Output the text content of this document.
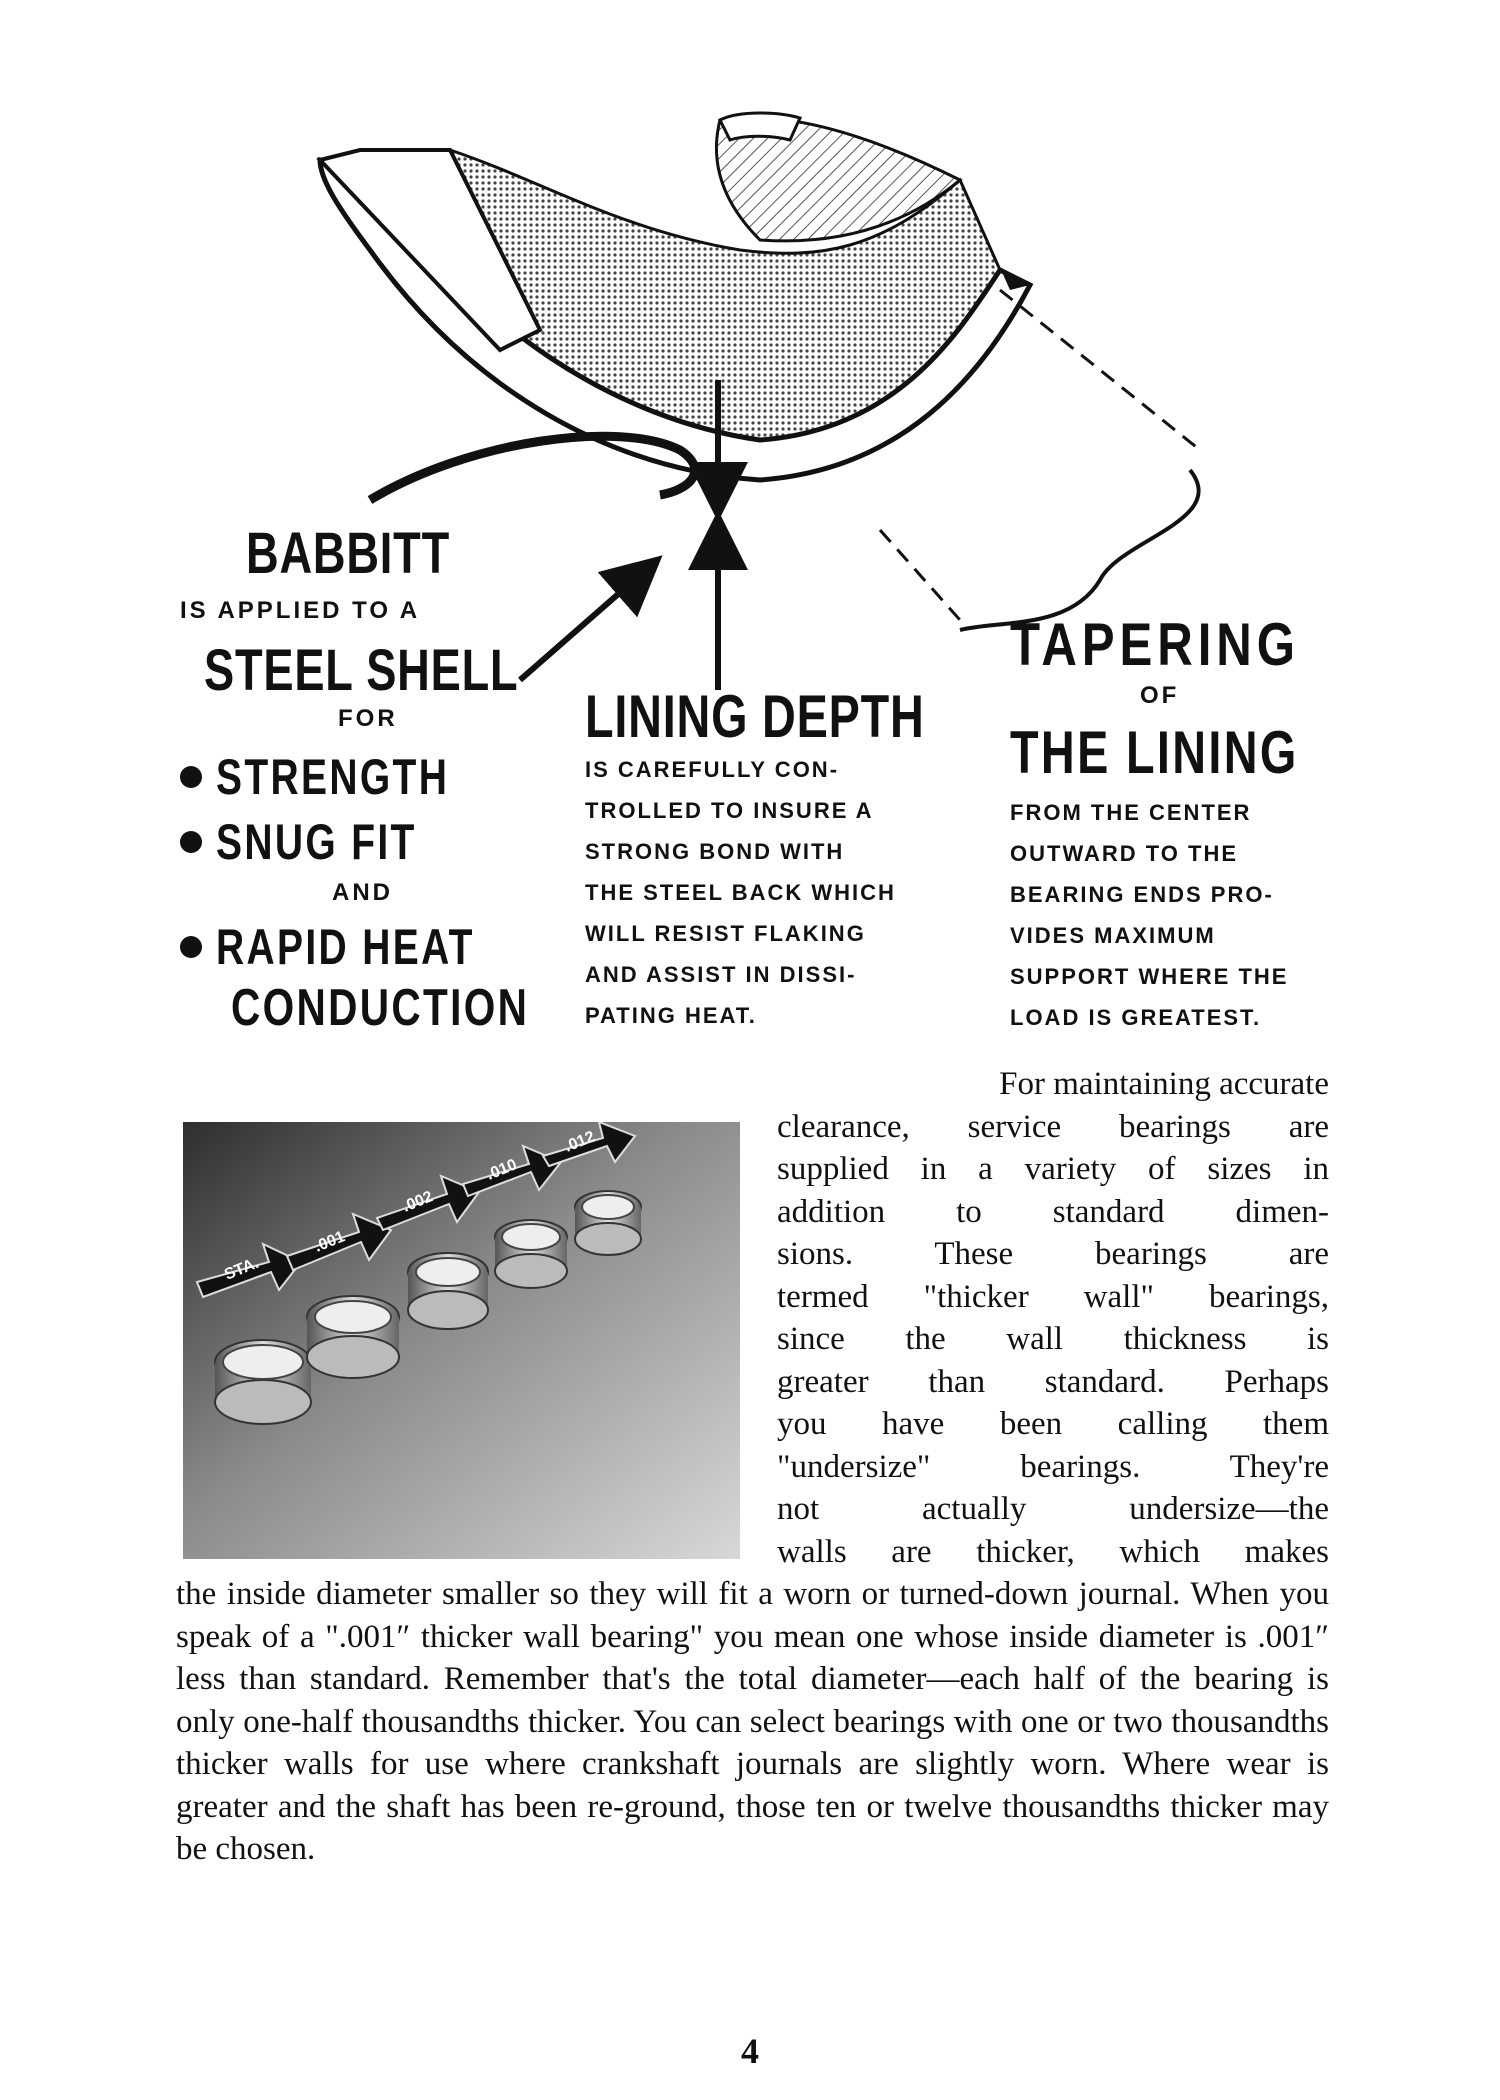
BABBITT
IS APPLIED TO A
STEEL SHELL
FOR
STRENGTH
SNUG FIT
AND
RAPID HEAT
CONDUCTION
LINING DEPTH
IS CAREFULLY CON-
TROLLED TO INSURE A
STRONG BOND WITH
THE STEEL BACK WHICH
WILL RESIST FLAKING
AND ASSIST IN DISSI-
PATING HEAT.
TAPERING
OF
THE LINING
FROM THE CENTER
OUTWARD TO THE
BEARING ENDS PRO-
VIDES MAXIMUM
SUPPORT WHERE THE
LOAD IS GREATEST.
STA.
.001
.002
.010
.012
For maintaining accurate
clearance, service bearings are
supplied in a variety of sizes in
addition to standard dimen-
sions. These bearings are
termed "thicker wall" bearings,
since the wall thickness is
greater than standard. Perhaps
you have been calling them
"undersize" bearings. They're
not actually undersize—the
walls are thicker, which makes

the inside diameter smaller so they will fit a worn or turned-down journal. When you speak of a ".001″ thicker wall bearing" you mean one whose inside diameter is .001″ less than standard. Remember that's the total diameter—each half of the bearing is only one-half thousandths thicker. You can select bearings with one or two thousandths thicker walls for use where crankshaft journals are slightly worn. Where wear is greater and the shaft has been re-ground, those ten or twelve thousandths thicker may be chosen.

4
